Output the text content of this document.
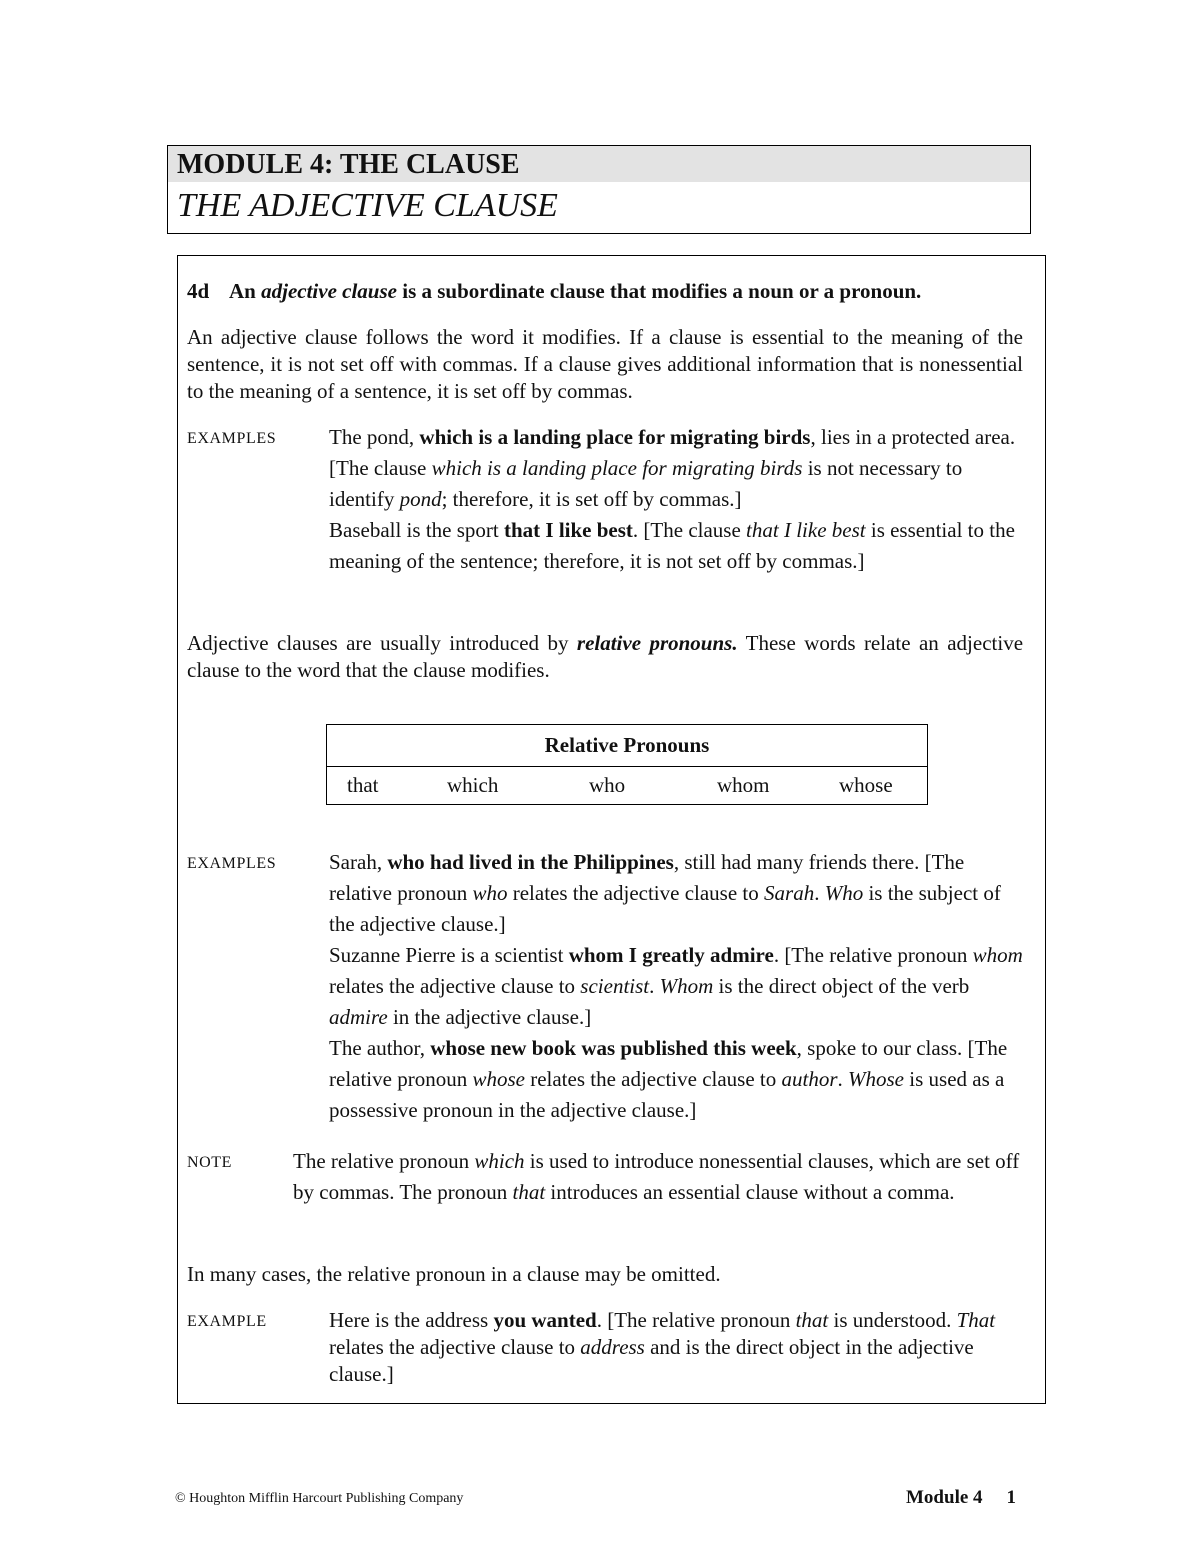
MODULE 4: THE CLAUSE
THE ADJECTIVE CLAUSE
4d An adjective clause is a subordinate clause that modifies a noun or a pronoun.
An adjective clause follows the word it modifies. If a clause is essential to the meaning of the sentence, it is not set off with commas. If a clause gives additional information that is nonessential to the meaning of a sentence, it is set off by commas.
EXAMPLES	The pond, which is a landing place for migrating birds, lies in a protected area. [The clause which is a landing place for migrating birds is not necessary to identify pond; therefore, it is set off by commas.]
Baseball is the sport that I like best. [The clause that I like best is essential to the meaning of the sentence; therefore, it is not set off by commas.]
Adjective clauses are usually introduced by relative pronouns. These words relate an adjective clause to the word that the clause modifies.
Relative Pronouns
that	which	who	whom	whose
EXAMPLES	Sarah, who had lived in the Philippines, still had many friends there. [The relative pronoun who relates the adjective clause to Sarah. Who is the subject of the adjective clause.]
Suzanne Pierre is a scientist whom I greatly admire. [The relative pronoun whom relates the adjective clause to scientist. Whom is the direct object of the verb admire in the adjective clause.]
The author, whose new book was published this week, spoke to our class. [The relative pronoun whose relates the adjective clause to author. Whose is used as a possessive pronoun in the adjective clause.]
NOTE	The relative pronoun which is used to introduce nonessential clauses, which are set off by commas. The pronoun that introduces an essential clause without a comma.
In many cases, the relative pronoun in a clause may be omitted.
EXAMPLE	Here is the address you wanted. [The relative pronoun that is understood. That relates the adjective clause to address and is the direct object in the adjective clause.]
© Houghton Mifflin Harcourt Publishing Company	Module 4 1
